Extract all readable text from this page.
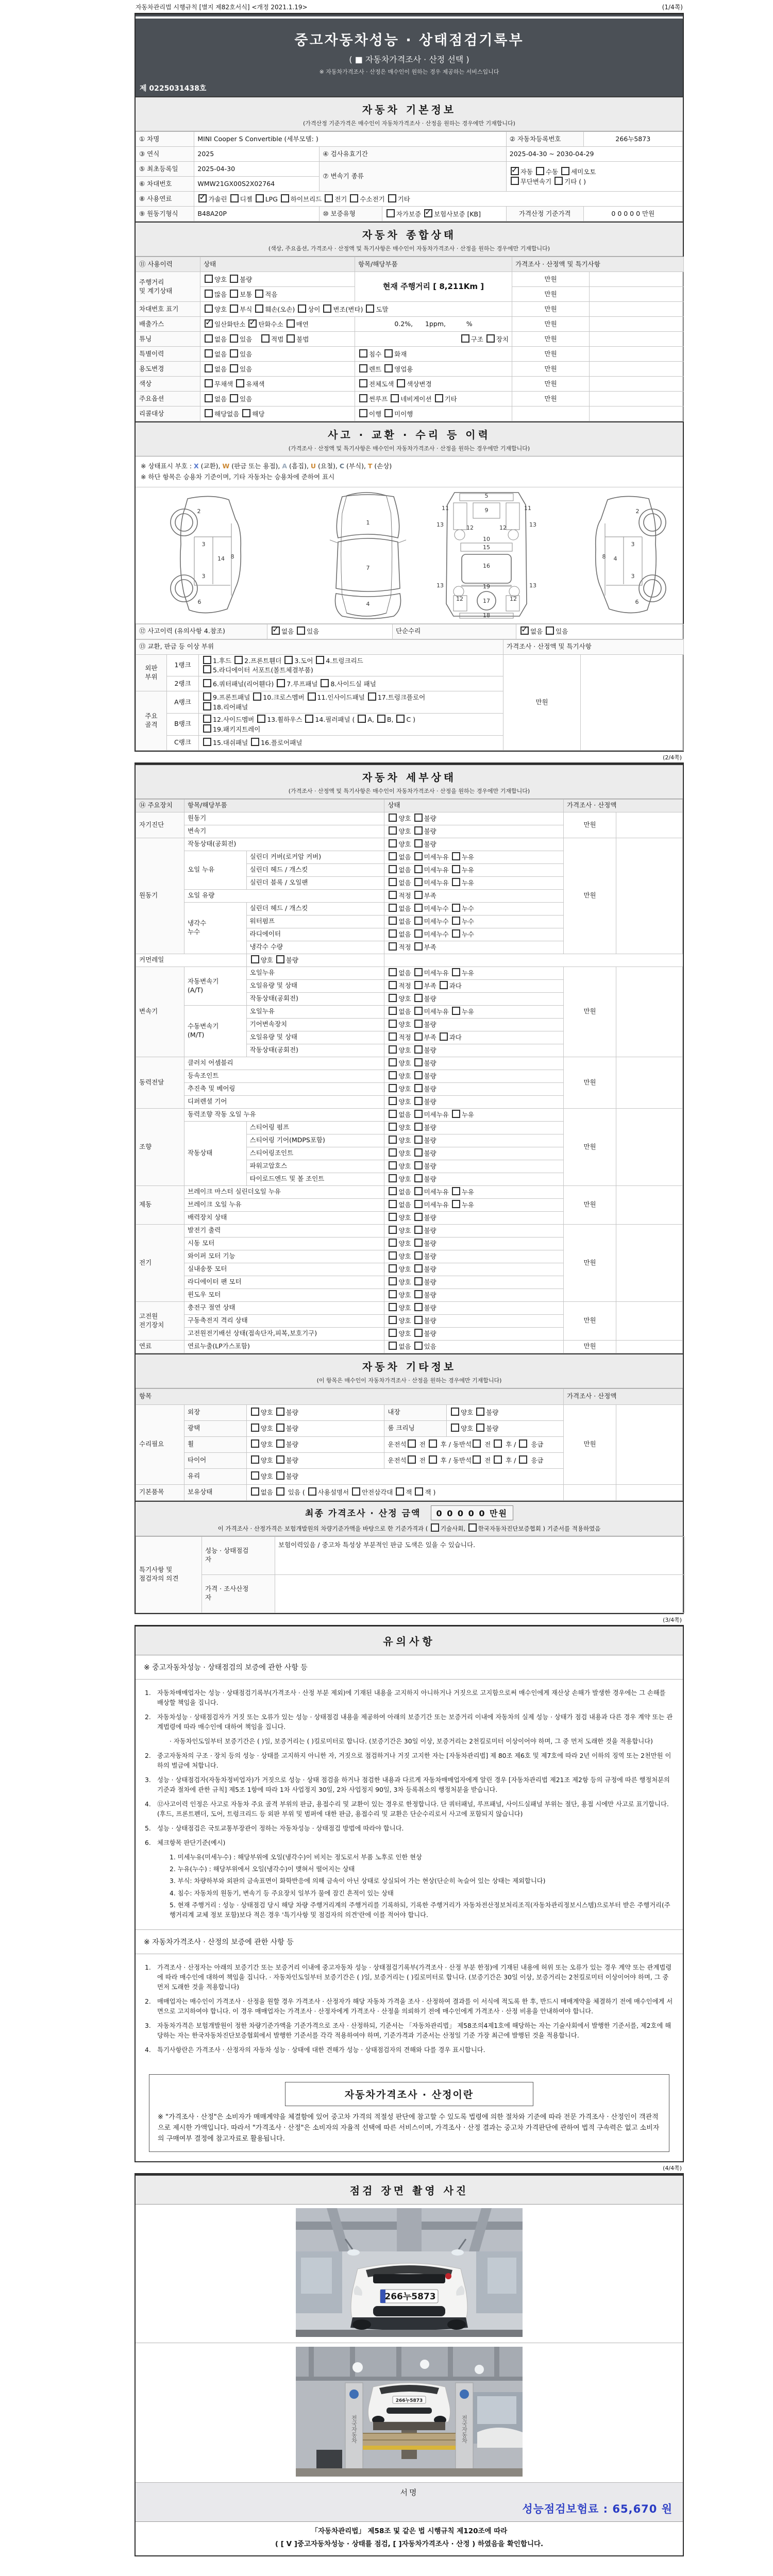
자동차관리법 시행규칙 [별지 제82호서식] <개정 2021.1.19>	(1/4쪽)
중고자동차성능 · 상태점검기록부
( ■ 자동차가격조사 · 산정 선택 )
※ 자동차가격조사 · 산정은 매수인이 원하는 경우 제공하는 서비스입니다
제 0225031438호
자동차 기본정보
(가격산정 기준가격은 매수인이 자동차가격조사 · 산정을 원하는 경우에만 기재합니다)
① 차명	MINI Cooper S Convertible (세부모델: )			② 자동차등록번호	266누5873
③ 연식	2025	④ 검사유효기간		2025-04-30 ~ 2030-04-29	
⑤ 최초등록일	2025-04-30	⑦ 변속기 종류	✓자동 수동 세미오토
무단변속기 기타 ( )
⑥ 차대번호	WMW21GX00S2X02764				
⑧ 사용연료	✓가솔린 디젤 LPG 하이브리드 전기 수소전기 기타
⑨ 원동기형식	B48A20P	⑩ 보증유형	자가보증 ✓보험사보증 [KB]	가격산정 기준가격	0 0 0 0 0 만원
자동차 종합상태
(색상, 주요옵션, 가격조사 · 산정액 및 특기사항은 매수인이 자동차가격조사 · 산정을 원하는 경우에만 기재합니다)
⑪ 사용이력	상태	항목/해당부품	가격조사 · 산정액 및 특기사항	
주행거리
및 계기상태	양호 불량	현재 주행거리 [ 8,211Km ]	만원	
	많음 보통 적음		만원	
차대번호 표기	양호 부식 훼손(오손) 상이 변조(변타) 도말		만원	
배출가스	✓일산화탄소 ✓탄화수소 매연	0.2%,      1ppm,          %	만원	
튜닝	없음 있음    적법 불법	구조 장치	만원	
특별이력	없음 있음	침수 화재	만원	
용도변경	없음 있음	렌트 영업용	만원	
색상	무채색 유채색	전체도색 색상변경	만원	
주요옵션	없음 있음	썬루프 네비게이션 기타	만원	
리콜대상	해당없음 해당	이행 미이행		
사고 · 교환 · 수리 등 이력
(가격조사 · 산정액 및 특기사항은 매수인이 자동차가격조사 · 산정을 원하는 경우에만 기재합니다)
※ 상태표시 부호 : X (교환), W (판금 또는 용접), A (흠집), U (요철), C (부식), T (손상)
※ 하단 항목은 승용차 기준이며, 기타 자동차는 승용차에 준하여 표시
2
8
3
14
3
6
1
7
4
5
11	11
9
13	13
12	12
10
15
16
13	13
19
12	12
17
18
2
8
3
4
3
6
⑫ 사고이력 (유의사항 4.참조)	✓없음 있음	단순수리	✓없음 있음
⑬ 교환, 판금 등 이상 부위			가격조사 · 산정액 및 특기사항	
외판
부위	1랭크	1.후드 2.프론트휀더 3.도어 4.트렁크리드
5.라디에이터 서포트(볼트체결부품)	만원	
	2랭크	6.쿼터패널(리어휀다) 7.루프패널 8.사이드실 패널		
주요
골격	A랭크	9.프론트패널 10.크로스멤버 11.인사이드패널 17.트렁크플로어
18.리어패널		
	B랭크	12.사이드멤버 13.휠하우스 14.필러패널 ( A, B, C )
19.패키지트레이		
	C랭크	15.대쉬패널 16.플로어패널		
(2/4쪽)
자동차 세부상태
(가격조사 · 산정액 및 특기사항은 매수인이 자동차가격조사 · 산정을 원하는 경우에만 기재합니다)
⑭ 주요장치	항목/해당부품		상태	가격조사 · 산정액	
자기진단	원동기		양호 불량	만원	
	변속기		양호 불량		
원동기	작동상태(공회전)		양호 불량	만원	
	오일 누유	실린더 커버(로커암 커버)	없음 미세누유 누유		
		실린더 헤드 / 개스킷	없음 미세누유 누유		
		실린더 블록 / 오일팬	없음 미세누유 누유		
	오일 유량		적정 부족		
	냉각수
누수	실린더 헤드 / 개스킷	없음 미세누수 누수		
		워터펌프	없음 미세누수 누수		
		라디에이터	없음 미세누수 누수		
		냉각수 수량	적정 부족		
커먼레일		양호 불량			
변속기	자동변속기
(A/T)	오일누유	없음 미세누유 누유	만원	
		오일유량 및 상태	적정 부족 과다		
		작동상태(공회전)	양호 불량		
	수동변속기
(M/T)	오일누유	없음 미세누유 누유		
		기어변속장치	양호 불량		
		오일유량 및 상태	적정 부족 과다		
		작동상태(공회전)	양호 불량		
동력전달	클러치 어셈블리		양호 불량	만원	
	등속조인트		양호 불량		
	추진축 및 베어링		양호 불량		
	디퍼렌셜 기어		양호 불량		
조향	동력조향 작동 오일 누유		없음 미세누유 누유	만원	
	작동상태	스티어링 펌프	양호 불량		
		스티어링 기어(MDPS포함)	양호 불량		
		스티어링조인트	양호 불량		
		파워고압호스	양호 불량		
		타이로드엔드 및 볼 조인트	양호 불량		
제동	브레이크 마스터 실린더오일 누유		없음 미세누유 누유	만원	
	브레이크 오일 누유		없음 미세누유 누유		
	배력장치 상태		양호 불량		
전기	발전기 출력		양호 불량	만원	
	시동 모터		양호 불량		
	와이퍼 모터 기능		양호 불량		
	실내송풍 모터		양호 불량		
	라디에이터 팬 모터		양호 불량		
	윈도우 모터		양호 불량		
고전원
전기장치	충전구 절연 상태		양호 불량	만원	
	구동축전지 격리 상태		양호 불량		
	고전원전기배선 상태(접속단자,피복,보호기구)		양호 불량		
연료	연료누출(LP가스포함)		없음 있음	만원	
자동차 기타정보
(이 항목은 매수인이 자동차가격조사 · 산정을 원하는 경우에만 기재합니다)
항목					가격조사 · 산정액	
수리필요	외장	양호 불량	내장	양호 불량	만원	
	광택	양호 불량	룸 크리닝	양호 불량		
	휠	양호 불량	운전석 전  후 / 동반석 전  후 /  응급			
	타이어	양호 불량	운전석 전  후 / 동반석 전  후 /  응급			
	유리	양호 불량				
기본품목	보유상태	없음  있음 ( 사용설명서 안전삼각대 잭 잭 )				
최종 가격조사 · 산정 금액 0 0 0 0 0 만원
이 가격조사 · 산정가격은 보험개발원의 차량기준가액을 바탕으로 한 기준가격과 ( 기술사회, 한국자동차진단보증협회 ) 기준서를 적용하였음
특기사항 및
점검자의 의견	성능 · 상태점검
자	보험이력있음 / 중고차 특성상 부분적인 판금 도색은 있을 수 있습니다.
	가격 · 조사산정
자	
(3/4쪽)
유의사항
※ 중고자동차성능 · 상태점검의 보증에 관한 사항 등
1. 자동차매매업자는 성능 · 상태점검기록부(가격조사 · 산정 부분 제외)에 기재된 내용을 고지하지 아니하거나 거짓으로 고지함으로써 매수인에게 재산상 손해가 발생한 경우에는 그 손해를 배상할 책임을 집니다.
2. 자동차성능 · 상태점검자가 거짓 또는 오류가 있는 성능 · 상태점검 내용을 제공하여 아래의 보증기간 또는 보증거리 이내에 자동차의 실제 성능 · 상태가 점검 내용과 다른 경우 계약 또는 관계법령에 따라 매수인에 대하여 책임을 집니다.
· 자동차인도일부터 보증기간은 ( )일, 보증거리는 ( )킬로미터로 합니다. (보증기간은 30일 이상, 보증거리는 2천킬로미터 이상이어야 하며, 그 중 먼저 도래한 것을 적용합니다)
2. 중고자동차의 구조 · 장치 등의 성능 · 상태를 고지하지 아니한 자, 거짓으로 점검하거나 거짓 고지한 자는 [자동차관리법] 제 80조 제6호 및 제7호에 따라 2년 이하의 징역 또는 2천만원 이하의 벌금에 처합니다.
3. 성능 · 상태점검자(자동차정비업자)가 거짓으로 성능 · 상태 점검을 하거나 점검한 내용과 다르게 자동차매매업자에게 알린 경우 [자동차관리법 제21조 제2항 등의 규정에 따른 행정처분의 기준과 절차에 관한 규칙] 제5조 1항에 따라 1차 사업정지 30일, 2차 사업정지 90일, 3차 등록취소의 행정처분을 받습니다.
4. ⑫사고이력 인정은 사고로 자동차 주요 골격 부위의 판금, 용접수리 및 교환이 있는 경우로 한정합니다. 단 쿼터패널, 루프패널, 사이드실패널 부위는 절단, 용접 시에만 사고로 표기합니다. (후드, 프론트펜더, 도어, 트렁크리드 등 외판 부위 및 범퍼에 대한 판금, 용접수리 및 교환은 단순수리로서 사고에 포함되지 않습니다)
5. 성능 · 상태점검은 국토교통부장관이 정하는 자동차성능 · 상태점검 방법에 따라야 합니다.
6. 체크항목 판단기준(예시)
1. 미세누유(미세누수) : 해당부위에 오일(냉각수)이 비치는 정도로서 부품 노후로 인한 현상
2. 누유(누수) : 해당부위에서 오일(냉각수)이 맺혀서 떨어지는 상태
3. 부식: 차량하부와 외판의 금속표면이 화학반응에 의해 금속이 아닌 상태로 상실되어 가는 현상(단순히 녹슬어 있는 상태는 제외합니다)
4. 침수: 자동차의 원동기, 변속기 등 주요장치 일부가 물에 잠긴 흔적이 있는 상태
5. 현재 주행거리 : 성능 · 상태점검 당시 해당 차량 주행거리계의 주행거리를 기록하되, 기록한 주행거리가 자동차전산정보처리조직(자동차관리정보시스템)으로부터 받은 주행거리(주행거리계 교체 정보 포함)보다 적은 경우 '특기사항 및 점검자의 의견'란에 이를 적어야 합니다.
※ 자동차가격조사 · 산정의 보증에 관한 사항 등
1. 가격조사 · 산정자는 아래의 보증기간 또는 보증거리 이내에 중고자동차 성능 · 상태점검기록부(가격조사 · 산정 부분 한정)에 기재된 내용에 허위 또는 오류가 있는 경우 계약 또는 관계법령에 따라 매수인에 대하여 책임을 집니다. · 자동차인도일부터 보증기간은 ( )일, 보증거리는 ( )킬로미터로 합니다. (보증기간은 30일 이상, 보증거리는 2천킬로미터 이상이어야 하며, 그 중 먼저 도래한 것을 적용합니다)
2. 매매업자는 매수인이 가격조사 · 산정을 원할 경우 가격조사 · 산정자가 해당 자동차 가격을 조사 · 산정하여 결과를 이 서식에 적도록 한 후, 반드시 매매계약을 체결하기 전에 매수인에게 서면으로 고지하여야 합니다. 이 경우 매매업자는 가격조사 · 산정자에게 가격조사 · 산정을 의뢰하기 전에 매수인에게 가격조사 · 산정 비용을 안내하여야 합니다.
3. 자동차가격은 보험개발원이 정한 차량기준가액을 기준가격으로 조사 · 산정하되, 기준서는 「자동차관리법」 제58조의4제1호에 해당하는 자는 기술사회에서 발행한 기준서를, 제2호에 해당하는 자는 한국자동차진단보증협회에서 발행한 기준서를 각각 적용하여야 하며, 기준가격과 기준서는 산정일 기준 가장 최근에 발행된 것을 적용합니다.
4. 특기사항란은 가격조사 · 산정자의 자동차 성능 · 상태에 대한 견해가 성능 · 상태점검자의 견해와 다를 경우 표시합니다.
자동차가격조사 · 산정이란
※ "가격조사 · 산정"은 소비자가 매매계약을 체결함에 있어 중고차 가격의 적절성 판단에 참고할 수 있도록 법령에 의한 절차와 기준에 따라 전문 가격조사 · 산정인이 객관적으로 제시한 가액입니다. 따라서 "가격조사 · 산정"은 소비자의 자율적 선택에 따른 서비스이며, 가격조사 · 산정 결과는 중고차 가격판단에 관하여 법적 구속력은 없고 소비자의 구매여부 결정에 참고자료로 활용됩니다.
(4/4쪽)
점검 장면 촬영 사진
266누5873
266누5873
전국자동차	전국자동차
서명
성능점검보험료 : 65,670 원
「자동차관리법」 제58조 및 같은 법 시행규칙 제120조에 따라
( [ V ]중고자동차성능 · 상태를 점검, [ ]자동차가격조사 · 산정 ) 하였음을 확인합니다.
